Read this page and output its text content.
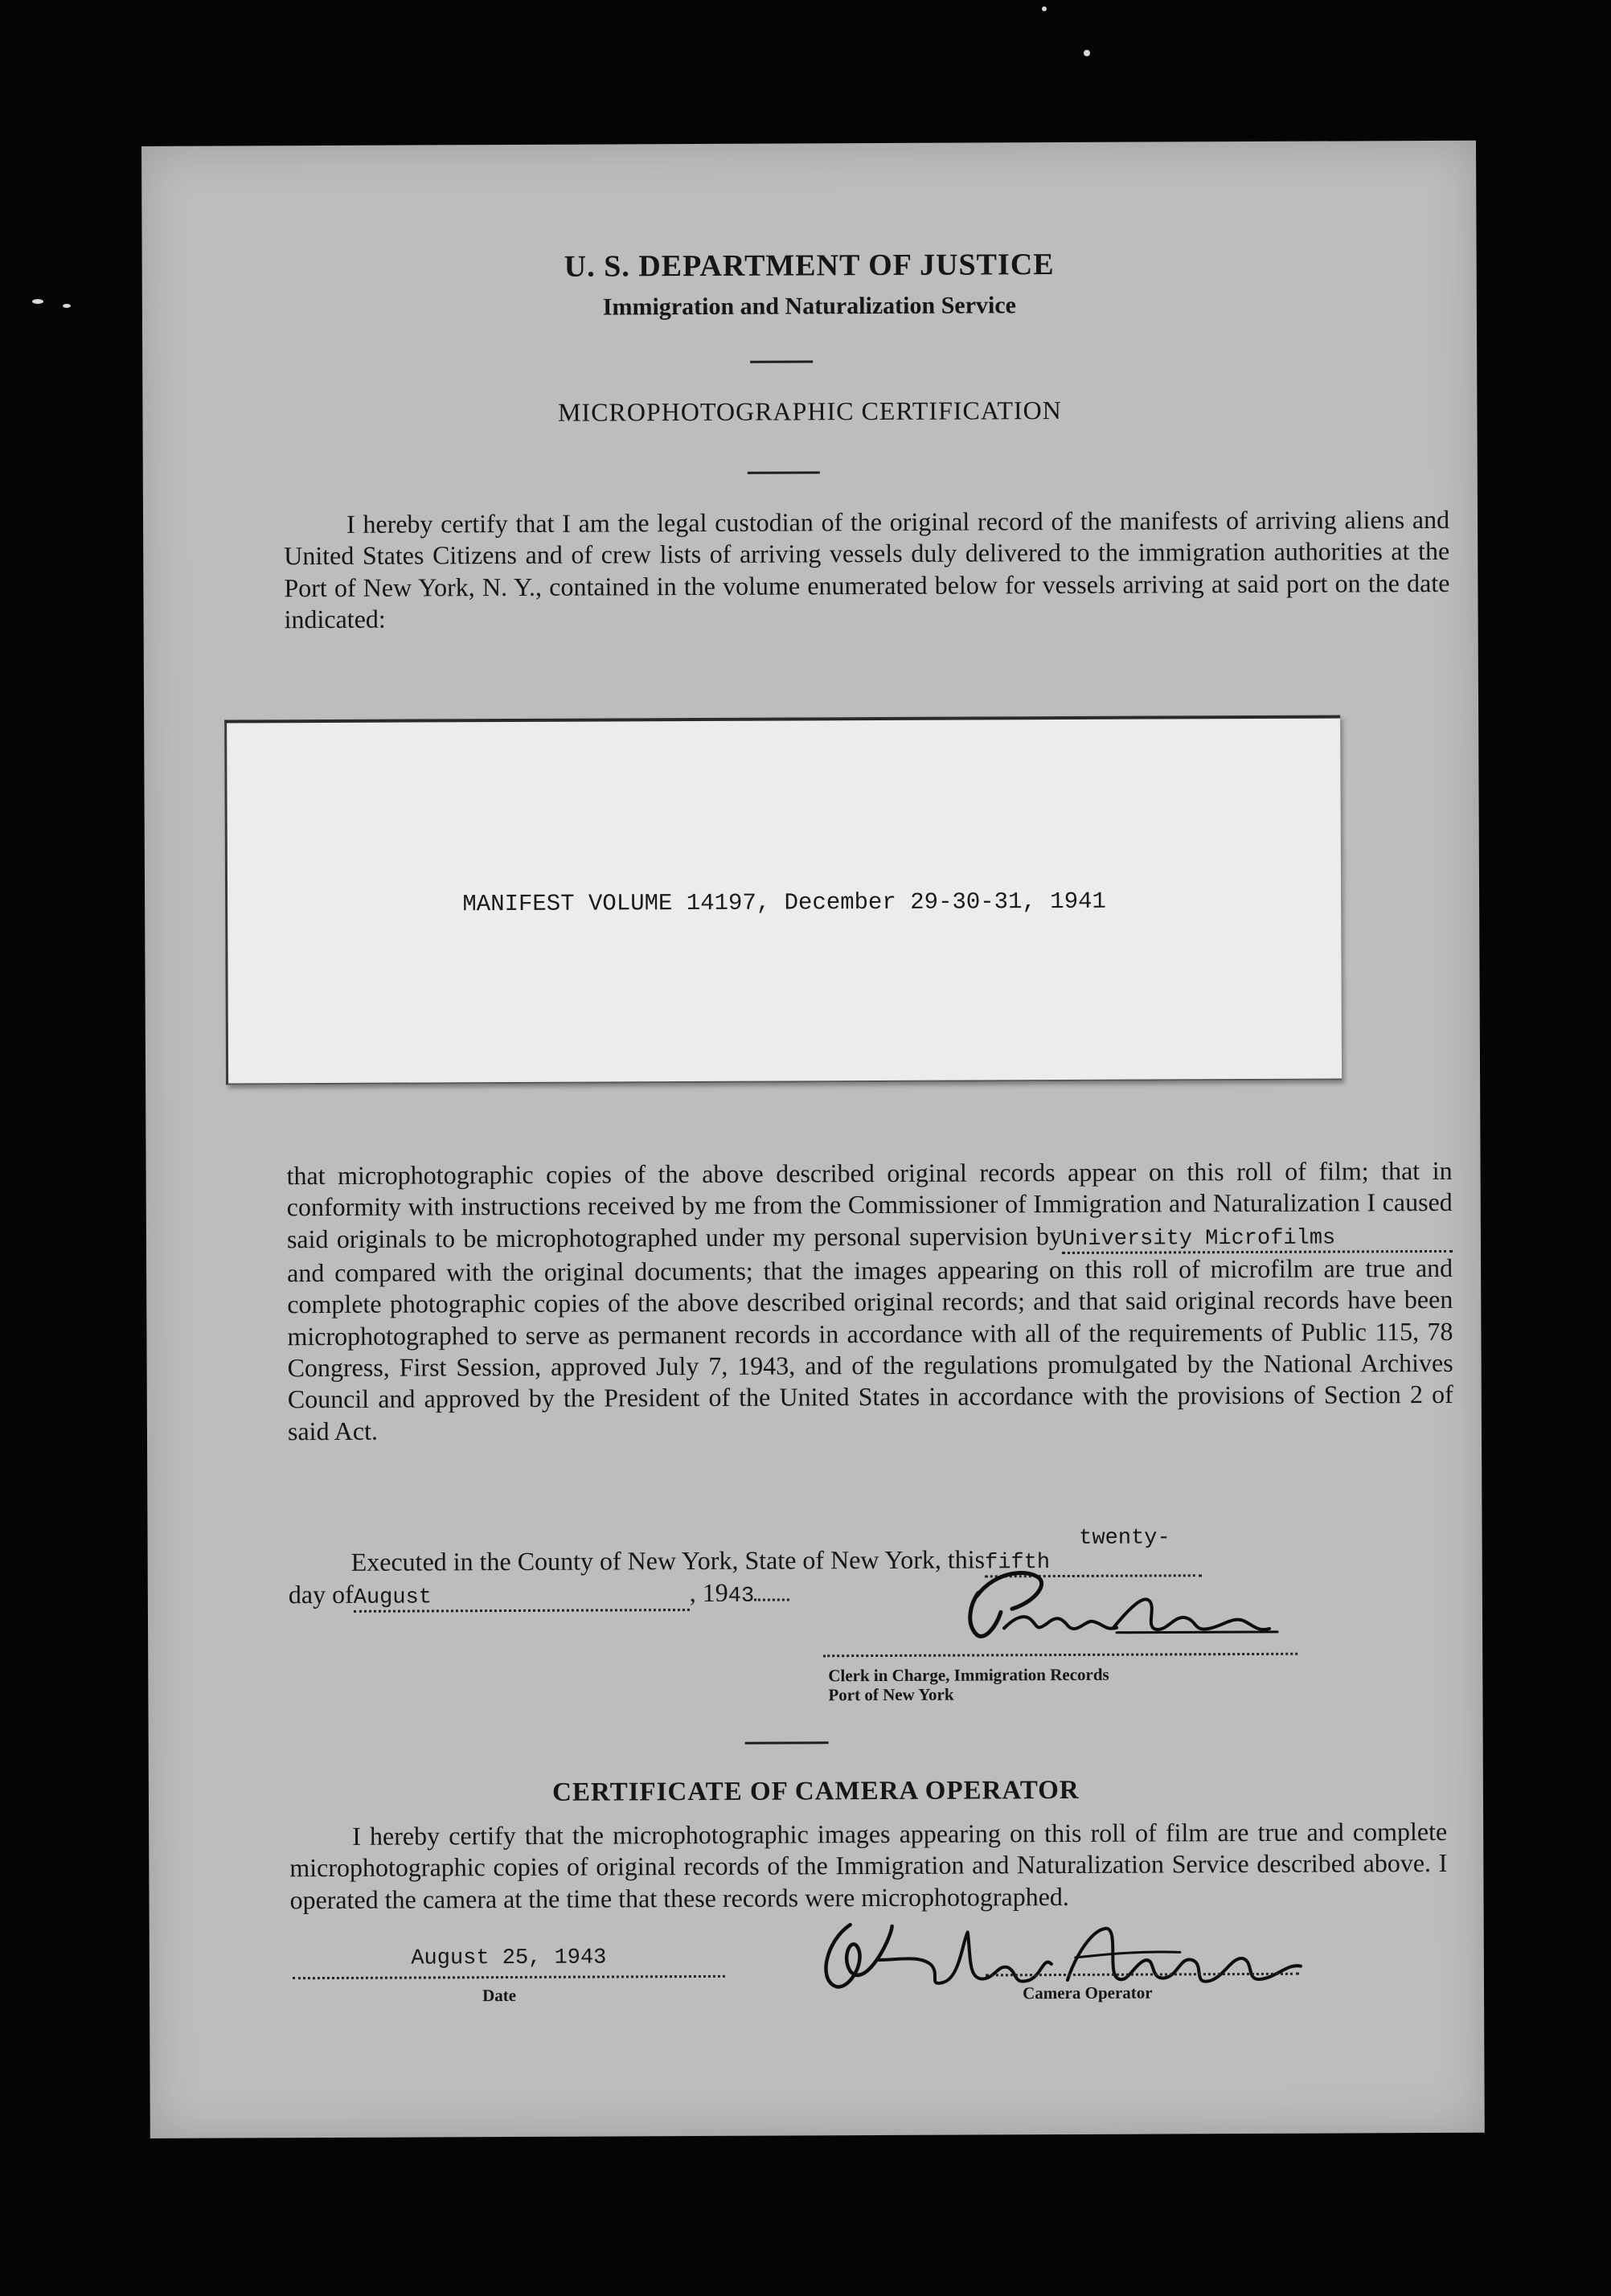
U. S. DEPARTMENT OF JUSTICE
Immigration and Naturalization Service
MICROPHOTOGRAPHIC CERTIFICATION
I hereby certify that I am the legal custodian of the original record of the manifests of arriving aliens and United States Citizens and of crew lists of arriving vessels duly delivered to the immigration authorities at the Port of New York, N. Y., contained in the volume enumerated below for vessels arriving at said port on the date indicated:
MANIFEST VOLUME 14197, December 29-30-31, 1941
that microphotographic copies of the above described original records appear on this roll of film; that in conformity with instructions received by me from the Commissioner of Immigration and Naturalization I caused said originals to be microphotographed under my personal supervision byUniversity Microfilms and compared with the original documents; that the images appearing on this roll of microfilm are true and complete photographic copies of the above described original records; and that said original records have been microphotographed to serve as permanent records in accordance with all of the requirements of Public 115, 78 Congress, First Session, approved July 7, 1943, and of the regulations promulgated by the National Archives Council and approved by the President of the United States in accordance with the provisions of Section 2 of said Act.
Executed in the County of New York, State of New York, thistwenty-fifth
day ofAugust	, 1943
Clerk in Charge, Immigration Records
Port of New York
CERTIFICATE OF CAMERA OPERATOR
I hereby certify that the microphotographic images appearing on this roll of film are true and complete microphotographic copies of original records of the Immigration and Naturalization Service described above. I operated the camera at the time that these records were microphotographed.
August 25, 1943
Date	Camera Operator
